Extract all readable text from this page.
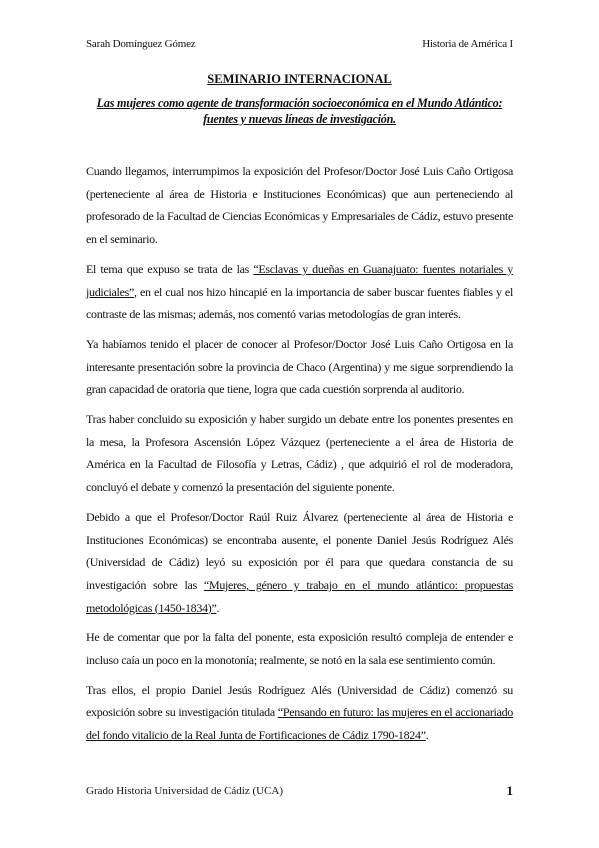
Sarah Domínguez Gómez	Historia de América I
SEMINARIO INTERNACIONAL
Las mujeres como agente de transformación socioeconómica en el Mundo Atlántico: fuentes y nuevas líneas de investigación.

Cuando llegamos, interrumpimos la exposición del Profesor/Doctor José Luis Caño Ortigosa (perteneciente al área de Historia e Instituciones Económicas) que aun perteneciendo al profesorado de la Facultad de Ciencias Económicas y Empresariales de Cádiz, estuvo presente en el seminario.

El tema que expuso se trata de las “Esclavas y dueñas en Guanajuato: fuentes notariales y judiciales”, en el cual nos hizo hincapié en la importancia de saber buscar fuentes fiables y el contraste de las mismas; además, nos comentó varias metodologías de gran interés.

Ya habíamos tenido el placer de conocer al Profesor/Doctor José Luis Caño Ortigosa en la interesante presentación sobre la provincia de Chaco (Argentina) y me sigue sorprendiendo la gran capacidad de oratoria que tiene, logra que cada cuestión sorprenda al auditorio.

Tras haber concluido su exposición y haber surgido un debate entre los ponentes presentes en la mesa, la Profesora Ascensión López Vázquez (perteneciente a el área de Historia de América en la Facultad de Filosofía y Letras, Cádiz) , que adquirió el rol de moderadora, concluyó el debate y comenzó la presentación del siguiente ponente.

Debido a que el Profesor/Doctor Raúl Ruiz Álvarez (perteneciente al área de Historia e Instituciones Económicas) se encontraba ausente, el ponente Daniel Jesús Rodríguez Alés (Universidad de Cádiz) leyó su exposición por él para que quedara constancia de su investigación sobre las “Mujeres, género y trabajo en el mundo atlántico: propuestas metodológicas (1450-1834)”.

He de comentar que por la falta del ponente, esta exposición resultó compleja de entender e incluso caía un poco en la monotonía; realmente, se notó en la sala ese sentimiento común.

Tras ellos, el propio Daniel Jesús Rodríguez Alés (Universidad de Cádiz) comenzó su exposición sobre su investigación titulada “Pensando en futuro: las mujeres en el accionariado del fondo vitalicio de la Real Junta de Fortificaciones de Cádiz 1790-1824”.

Grado Historia Universidad de Cádiz (UCA)	1
